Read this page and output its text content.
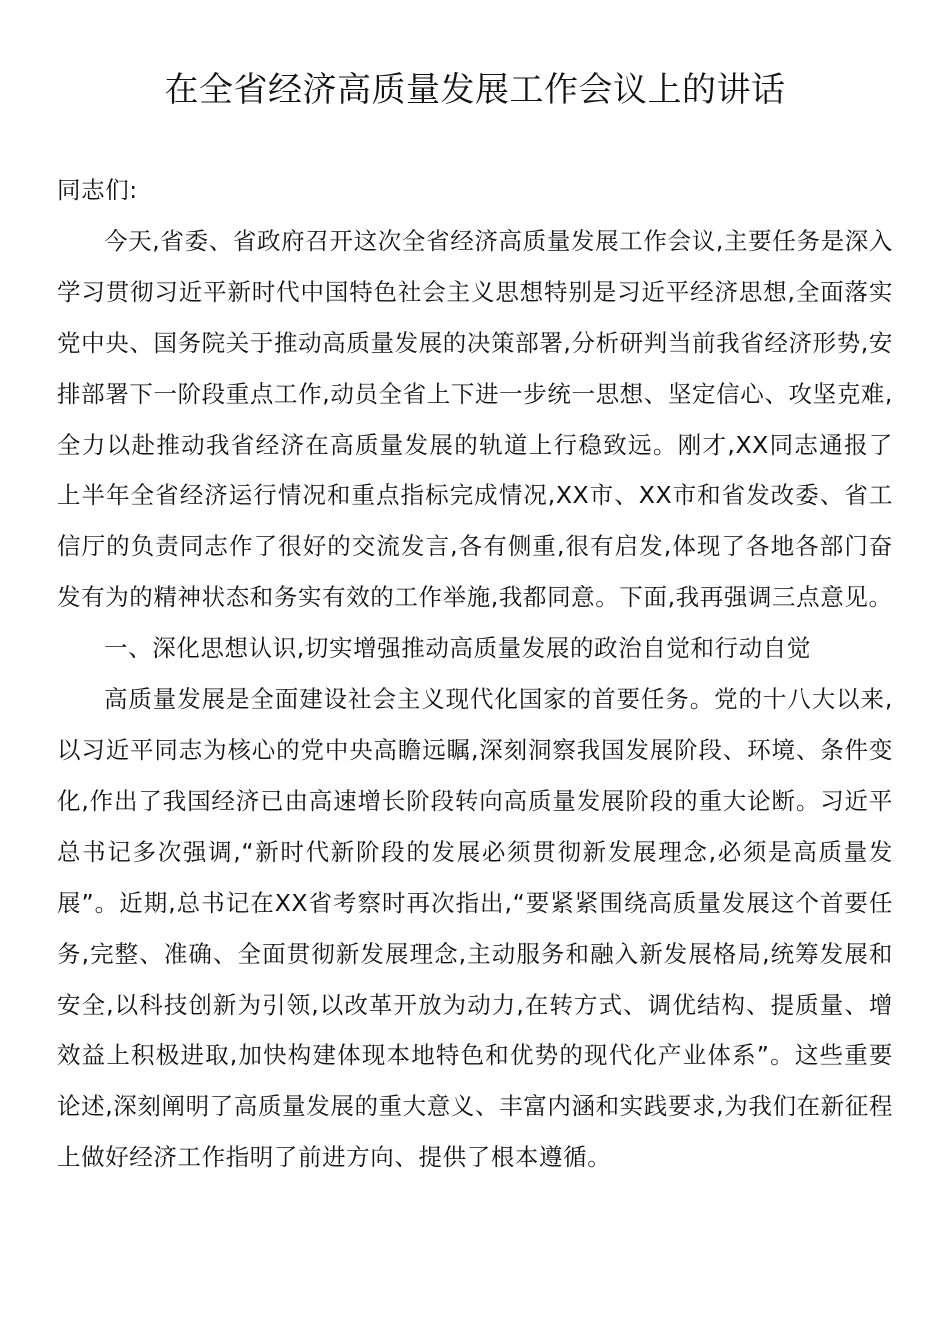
在全省经济高质量发展工作会议上的讲话

同志们:

今天,省委、省政府召开这次全省经济高质量发展工作会议,主要任务是深入学习贯彻习近平新时代中国特色社会主义思想特别是习近平经济思想,全面落实党中央、国务院关于推动高质量发展的决策部署,分析研判当前我省经济形势,安排部署下一阶段重点工作,动员全省上下进一步统一思想、坚定信心、攻坚克难,全力以赴推动我省经济在高质量发展的轨道上行稳致远。刚才,XX同志通报了上半年全省经济运行情况和重点指标完成情况,XX市、XX市和省发改委、省工信厅的负责同志作了很好的交流发言,各有侧重,很有启发,体现了各地各部门奋发有为的精神状态和务实有效的工作举施,我都同意。下面,我再强调三点意见。

一、深化思想认识,切实增强推动高质量发展的政治自觉和行动自觉

高质量发展是全面建设社会主义现代化国家的首要任务。党的十八大以来,以习近平同志为核心的党中央高瞻远瞩,深刻洞察我国发展阶段、环境、条件变化,作出了我国经济已由高速增长阶段转向高质量发展阶段的重大论断。习近平总书记多次强调,“新时代新阶段的发展必须贯彻新发展理念,必须是高质量发展”。近期,总书记在XX省考察时再次指出,“要紧紧围绕高质量发展这个首要任务,完整、准确、全面贯彻新发展理念,主动服务和融入新发展格局,统筹发展和安全,以科技创新为引领,以改革开放为动力,在转方式、调优结构、提质量、增效益上积极进取,加快构建体现本地特色和优势的现代化产业体系”。这些重要论述,深刻阐明了高质量发展的重大意义、丰富内涵和实践要求,为我们在新征程上做好经济工作指明了前进方向、提供了根本遵循。
